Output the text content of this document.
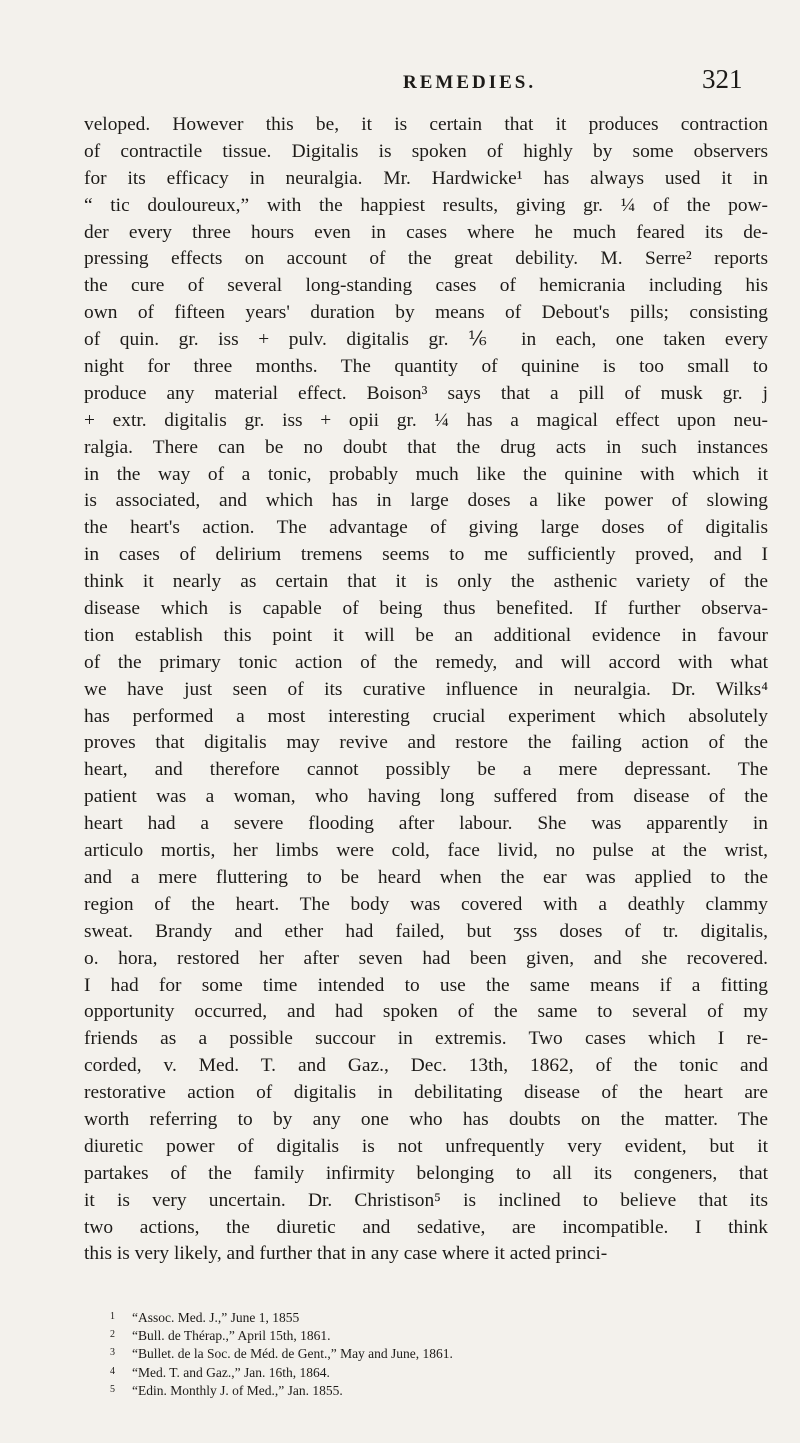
REMEDIES.	321
veloped. However this be, it is certain that it produces contraction
of contractile tissue. Digitalis is spoken of highly by some observers
for its efficacy in neuralgia. Mr. Hardwicke¹ has always used it in
“ tic douloureux,” with the happiest results, giving gr. ¼ of the pow-
der every three hours even in cases where he much feared its de-
pressing effects on account of the great debility. M. Serre² reports
the cure of several long-standing cases of hemicrania including his
own of fifteen years' duration by means of Debout's pills; consisting
of quin. gr. iss + pulv. digitalis gr. ⅙ in each, one taken every
night for three months. The quantity of quinine is too small to
produce any material effect. Boison³ says that a pill of musk gr. j
+ extr. digitalis gr. iss + opii gr. ¼ has a magical effect upon neu-
ralgia. There can be no doubt that the drug acts in such instances
in the way of a tonic, probably much like the quinine with which it
is associated, and which has in large doses a like power of slowing
the heart's action. The advantage of giving large doses of digitalis
in cases of delirium tremens seems to me sufficiently proved, and I
think it nearly as certain that it is only the asthenic variety of the
disease which is capable of being thus benefited. If further observa-
tion establish this point it will be an additional evidence in favour
of the primary tonic action of the remedy, and will accord with what
we have just seen of its curative influence in neuralgia. Dr. Wilks⁴
has performed a most interesting crucial experiment which absolutely
proves that digitalis may revive and restore the failing action of the
heart, and therefore cannot possibly be a mere depressant. The
patient was a woman, who having long suffered from disease of the
heart had a severe flooding after labour. She was apparently in
articulo mortis, her limbs were cold, face livid, no pulse at the wrist,
and a mere fluttering to be heard when the ear was applied to the
region of the heart. The body was covered with a deathly clammy
sweat. Brandy and ether had failed, but ʒss doses of tr. digitalis,
o. hora, restored her after seven had been given, and she recovered.
I had for some time intended to use the same means if a fitting
opportunity occurred, and had spoken of the same to several of my
friends as a possible succour in extremis. Two cases which I re-
corded, v. Med. T. and Gaz., Dec. 13th, 1862, of the tonic and
restorative action of digitalis in debilitating disease of the heart are
worth referring to by any one who has doubts on the matter. The
diuretic power of digitalis is not unfrequently very evident, but it
partakes of the family infirmity belonging to all its congeners, that
it is very uncertain. Dr. Christison⁵ is inclined to believe that its
two actions, the diuretic and sedative, are incompatible. I think
this is very likely, and further that in any case where it acted princi-
1 “Assoc. Med. J.,” June 1, 1855
2 “Bull. de Thérap.,” April 15th, 1861.
3 “Bullet. de la Soc. de Méd. de Gent.,” May and June, 1861.
4 “Med. T. and Gaz.,” Jan. 16th, 1864.
5 “Edin. Monthly J. of Med.,” Jan. 1855.
